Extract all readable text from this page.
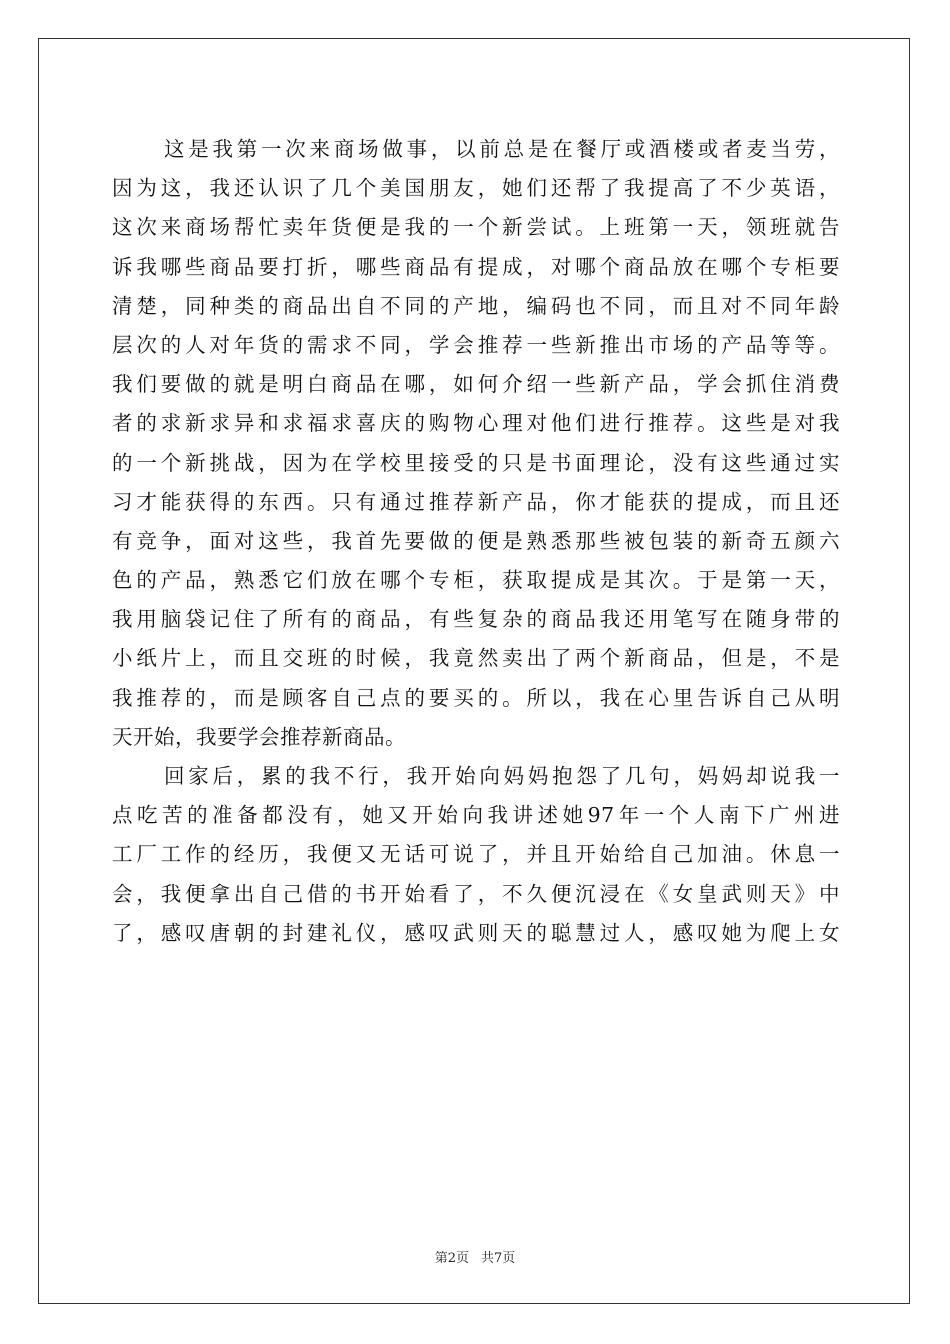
这是我第一次来商场做事，以前总是在餐厅或酒楼或者麦当劳，
因为这，我还认识了几个美国朋友，她们还帮了我提高了不少英语，
这次来商场帮忙卖年货便是我的一个新尝试。上班第一天，领班就告
诉我哪些商品要打折，哪些商品有提成，对哪个商品放在哪个专柜要
清楚，同种类的商品出自不同的产地，编码也不同，而且对不同年龄
层次的人对年货的需求不同，学会推荐一些新推出市场的产品等等。
我们要做的就是明白商品在哪，如何介绍一些新产品，学会抓住消费
者的求新求异和求福求喜庆的购物心理对他们进行推荐。这些是对我
的一个新挑战，因为在学校里接受的只是书面理论，没有这些通过实
习才能获得的东西。只有通过推荐新产品，你才能获的提成，而且还
有竞争，面对这些，我首先要做的便是熟悉那些被包装的新奇五颜六
色的产品，熟悉它们放在哪个专柜，获取提成是其次。于是第一天，
我用脑袋记住了所有的商品，有些复杂的商品我还用笔写在随身带的
小纸片上，而且交班的时候，我竟然卖出了两个新商品，但是，不是
我推荐的，而是顾客自己点的要买的。所以，我在心里告诉自己从明
天开始，我要学会推荐新商品。
回家后，累的我不行，我开始向妈妈抱怨了几句，妈妈却说我一
点吃苦的准备都没有，她又开始向我讲述她97年一个人南下广州进
工厂工作的经历，我便又无话可说了，并且开始给自己加油。休息一
会，我便拿出自己借的书开始看了，不久便沉浸在《女皇武则天》中
了，感叹唐朝的封建礼仪，感叹武则天的聪慧过人，感叹她为爬上女
第2页 共7页
